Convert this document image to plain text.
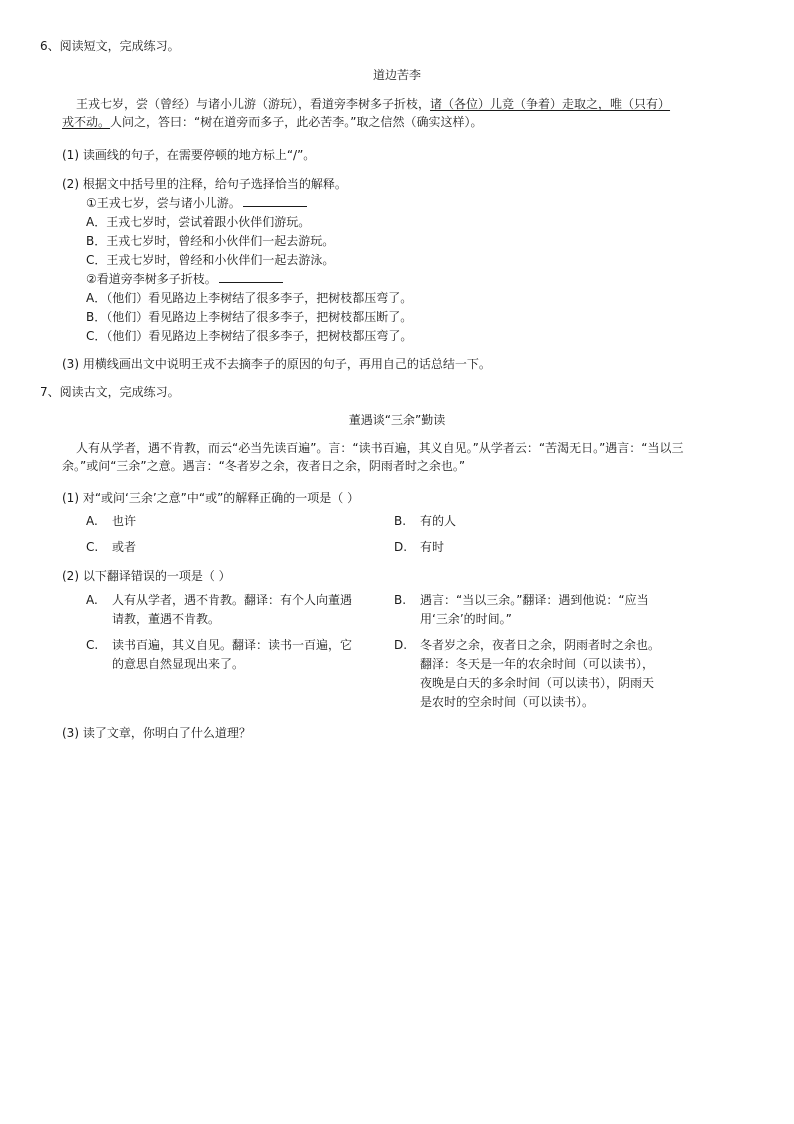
6、阅读短文，完成练习。
道边苦李
王戎七岁，尝（曾经）与诸小儿游（游玩），看道旁李树多子折枝，诸（各位）儿竞（争着）走取之，唯（只有）
戎不动。人问之，答曰：“树在道旁而多子，此必苦李。”取之信然（确实这样）。
(1) 读画线的句子，在需要停顿的地方标上“/”。
(2) 根据文中括号里的注释，给句子选择恰当的解释。
①王戎七岁，尝与诸小儿游。
A．王戎七岁时，尝试着跟小伙伴们游玩。
B．王戎七岁时，曾经和小伙伴们一起去游玩。
C．王戎七岁时，曾经和小伙伴们一起去游泳。
②看道旁李树多子折枝。
A．（他们）看见路边上李树结了很多李子，把树枝都压弯了。
B．（他们）看见路边上李树结了很多李子，把树枝都压断了。
C．（他们）看见路边上李树结了很多李子，把树枝都压弯了。
(3) 用横线画出文中说明王戎不去摘李子的原因的句子，再用自己的话总结一下。
7、阅读古文，完成练习。
董遇谈“三余”勤读
人有从学者，遇不肯教，而云“必当先读百遍”。言：“读书百遍，其义自见。”从学者云：“苦渴无日。”遇言：“当以三
余。”或问“三余”之意。遇言：“冬者岁之余，夜者日之余，阴雨者时之余也。”
(1) 对“或问‘三余’之意”中“或”的解释正确的一项是（ ）
A. 也许	B. 有的人
C. 或者	D. 有时
(2) 以下翻译错误的一项是（ ）
A. 人有从学者，遇不肯教。翻译：有个人向董遇
请教，董遇不肯教。
B. 遇言：“当以三余。”翻译：遇到他说：“应当
用‘三余’的时间。”
C. 读书百遍，其义自见。翻译：读书一百遍，它
的意思自然显现出来了。
D. 冬者岁之余，夜者日之余，阴雨者时之余也。
翻泽：冬天是一年的农余时间（可以读书），
夜晚是白天的多余时间（可以读书），阴雨天
是农时的空余时间（可以读书）。
(3) 读了文章，你明白了什么道理？
